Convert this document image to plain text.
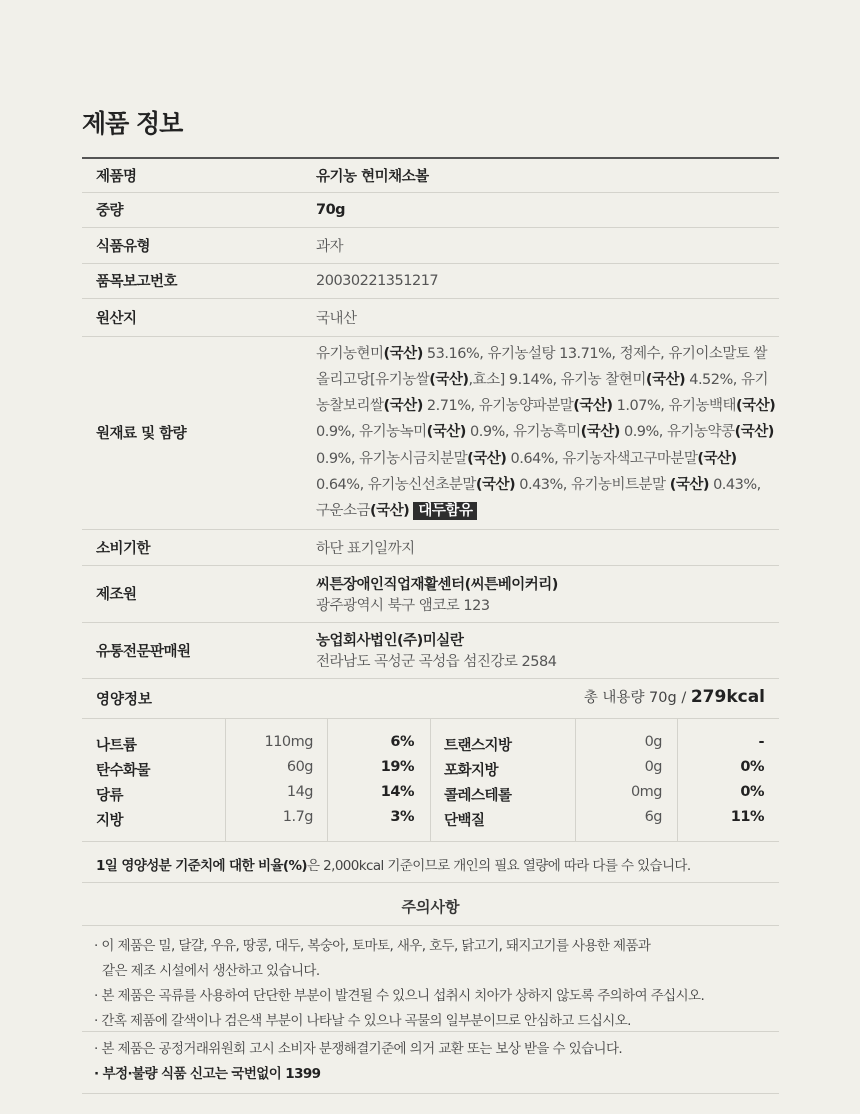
제품 정보
제품명	유기농 현미채소볼
중량	70g
식품유형	과자
품목보고번호	20030221351217
원산지	국내산
원재료 및 함량	유기농현미(국산) 53.16%, 유기농설탕 13.71%, 정제수, 유기이소말토 쌀올리고당[유기농쌀(국산),효소] 9.14%, 유기농 찰현미(국산) 4.52%, 유기농찰보리쌀(국산) 2.71%, 유기농양파분말(국산) 1.07%, 유기농백태(국산) 0.9%, 유기농녹미(국산) 0.9%, 유기농흑미(국산) 0.9%, 유기농약콩(국산) 0.9%, 유기농시금치분말(국산) 0.64%, 유기농자색고구마분말(국산) 0.64%, 유기농신선초분말(국산) 0.43%, 유기농비트분말 (국산) 0.43%, 구운소금(국산) 대두함유
소비기한	하단 표기일까지
제조원	씨튼장애인직업재활센터(씨튼베이커리)
광주광역시 북구 앰코로 123

유통전문판매원	농업회사법인(주)미실란
전라남도 곡성군 곡성읍 섬진강로 2584
영양정보	총 내용량 70g / 279kcal
나트륨	110mg	6% 트랜스지방	0g	-
탄수화물	60g	19% 포화지방	0g	0%
당류	14g	14% 콜레스테롤	0mg	0%
지방	1.7g	3% 단백질	6g	11%
1일 영양성분 기준치에 대한 비율(%)은 2,000kcal 기준이므로 개인의 필요 열량에 따라 다를 수 있습니다.
주의사항
· 이 제품은 밀, 달걀, 우유, 땅콩, 대두, 복숭아, 토마토, 새우, 호두, 닭고기, 돼지고기를 사용한 제품과
같은 제조 시설에서 생산하고 있습니다.
· 본 제품은 곡류를 사용하여 단단한 부분이 발견될 수 있으니 섭취시 치아가 상하지 않도록 주의하여 주십시오.
· 간혹 제품에 갈색이나 검은색 부분이 나타날 수 있으나 곡물의 일부분이므로 안심하고 드십시오.
· 본 제품은 공정거래위원회 고시 소비자 분쟁해결기준에 의거 교환 또는 보상 받을 수 있습니다.
· 부정·불량 식품 신고는 국번없이 1399
